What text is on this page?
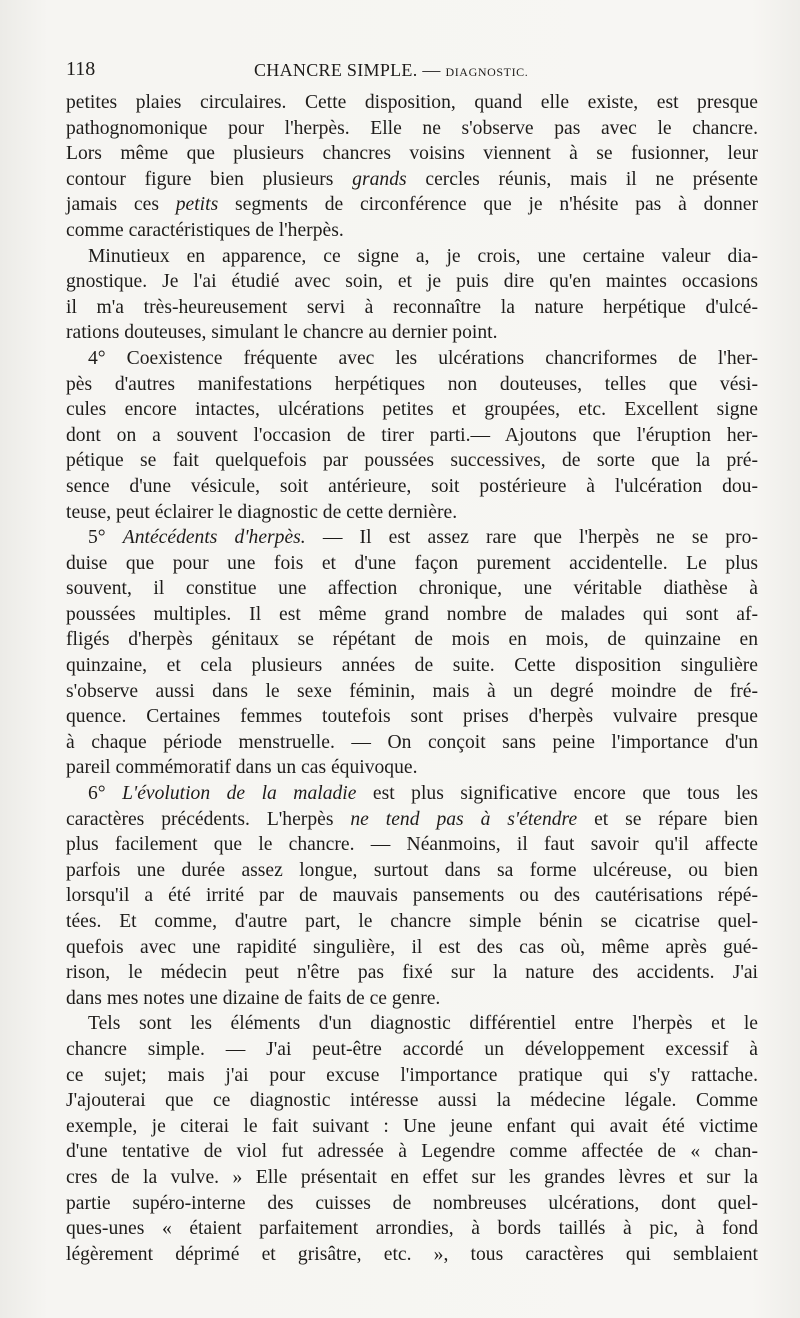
118	CHANCRE SIMPLE. — DIAGNOSTIC.
petites plaies circulaires. Cette disposition, quand elle existe, est presque
pathognomonique pour l'herpès. Elle ne s'observe pas avec le chancre.
Lors même que plusieurs chancres voisins viennent à se fusionner, leur
contour figure bien plusieurs grands cercles réunis, mais il ne présente
jamais ces petits segments de circonférence que je n'hésite pas à donner
comme caractéristiques de l'herpès.
Minutieux en apparence, ce signe a, je crois, une certaine valeur dia-
gnostique. Je l'ai étudié avec soin, et je puis dire qu'en maintes occasions
il m'a très-heureusement servi à reconnaître la nature herpétique d'ulcé-
rations douteuses, simulant le chancre au dernier point.
4° Coexistence fréquente avec les ulcérations chancriformes de l'her-
pès d'autres manifestations herpétiques non douteuses, telles que vési-
cules encore intactes, ulcérations petites et groupées, etc. Excellent signe
dont on a souvent l'occasion de tirer parti.— Ajoutons que l'éruption her-
pétique se fait quelquefois par poussées successives, de sorte que la pré-
sence d'une vésicule, soit antérieure, soit postérieure à l'ulcération dou-
teuse, peut éclairer le diagnostic de cette dernière.
5° Antécédents d'herpès. — Il est assez rare que l'herpès ne se pro-
duise que pour une fois et d'une façon purement accidentelle. Le plus
souvent, il constitue une affection chronique, une véritable diathèse à
poussées multiples. Il est même grand nombre de malades qui sont af-
fligés d'herpès génitaux se répétant de mois en mois, de quinzaine en
quinzaine, et cela plusieurs années de suite. Cette disposition singulière
s'observe aussi dans le sexe féminin, mais à un degré moindre de fré-
quence. Certaines femmes toutefois sont prises d'herpès vulvaire presque
à chaque période menstruelle. — On conçoit sans peine l'importance d'un
pareil commémoratif dans un cas équivoque.
6° L'évolution de la maladie est plus significative encore que tous les
caractères précédents. L'herpès ne tend pas à s'étendre et se répare bien
plus facilement que le chancre. — Néanmoins, il faut savoir qu'il affecte
parfois une durée assez longue, surtout dans sa forme ulcéreuse, ou bien
lorsqu'il a été irrité par de mauvais pansements ou des cautérisations répé-
tées. Et comme, d'autre part, le chancre simple bénin se cicatrise quel-
quefois avec une rapidité singulière, il est des cas où, même après gué-
rison, le médecin peut n'être pas fixé sur la nature des accidents. J'ai
dans mes notes une dizaine de faits de ce genre.
Tels sont les éléments d'un diagnostic différentiel entre l'herpès et le
chancre simple. — J'ai peut-être accordé un développement excessif à
ce sujet; mais j'ai pour excuse l'importance pratique qui s'y rattache.
J'ajouterai que ce diagnostic intéresse aussi la médecine légale. Comme
exemple, je citerai le fait suivant : Une jeune enfant qui avait été victime
d'une tentative de viol fut adressée à Legendre comme affectée de « chan-
cres de la vulve. » Elle présentait en effet sur les grandes lèvres et sur la
partie supéro-interne des cuisses de nombreuses ulcérations, dont quel-
ques-unes « étaient parfaitement arrondies, à bords taillés à pic, à fond
légèrement déprimé et grisâtre, etc. », tous caractères qui semblaient
